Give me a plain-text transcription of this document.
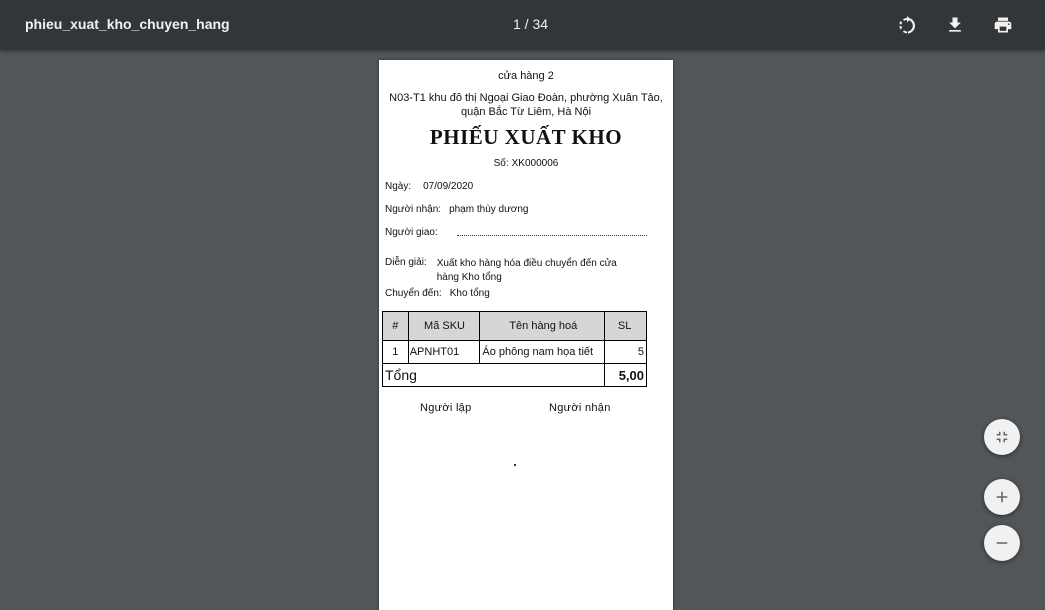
phieu_xuat_kho_chuyen_hang	1 / 34
cửa hàng 2
N03-T1 khu đô thị Ngoại Giao Đoàn, phường Xuân Tảo, quận Bắc Từ Liêm, Hà Nội
PHIẾU XUẤT KHO
Số: XK000006
Ngày: 07/09/2020
Người nhận: phạm thùy dương
Người giao:
Diễn giải: Xuất kho hàng hóa điều chuyển đến cửa hàng Kho tổng
Chuyển đến: Kho tổng
#	Mã SKU	Tên hàng hoá	SL
1	APNHT01	Áo phông nam họa tiết	5
Tổng			5,00
Người lập	Người nhận
